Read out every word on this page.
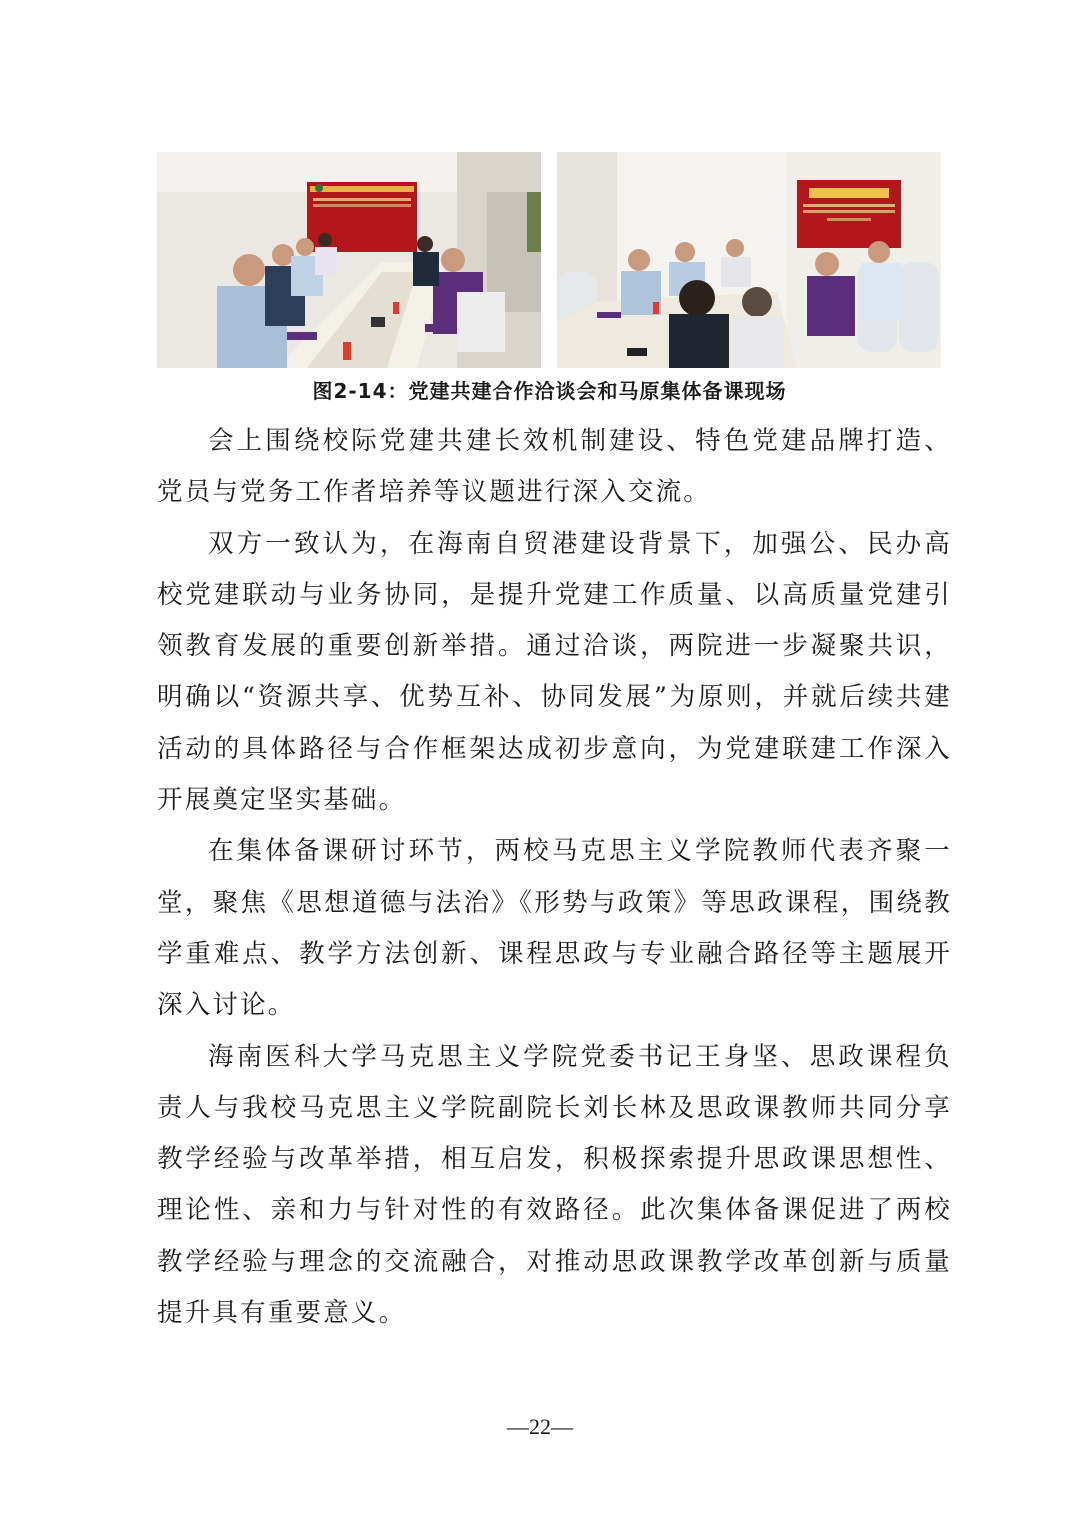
图2-14：党建共建合作洽谈会和马原集体备课现场

会上围绕校际党建共建长效机制建设、特色党建品牌打造、党员与党务工作者培养等议题进行深入交流。

双方一致认为，在海南自贸港建设背景下，加强公、民办高校党建联动与业务协同，是提升党建工作质量、以高质量党建引领教育发展的重要创新举措。通过洽谈，两院进一步凝聚共识，明确以“资源共享、优势互补、协同发展”为原则，并就后续共建活动的具体路径与合作框架达成初步意向，为党建联建工作深入开展奠定坚实基础。

在集体备课研讨环节，两校马克思主义学院教师代表齐聚一堂，聚焦《思想道德与法治》《形势与政策》等思政课程，围绕教学重难点、教学方法创新、课程思政与专业融合路径等主题展开深入讨论。

海南医科大学马克思主义学院党委书记王身坚、思政课程负责人与我校马克思主义学院副院长刘长林及思政课教师共同分享教学经验与改革举措，相互启发，积极探索提升思政课思想性、理论性、亲和力与针对性的有效路径。此次集体备课促进了两校教学经验与理念的交流融合，对推动思政课教学改革创新与质量提升具有重要意义。

—22—
